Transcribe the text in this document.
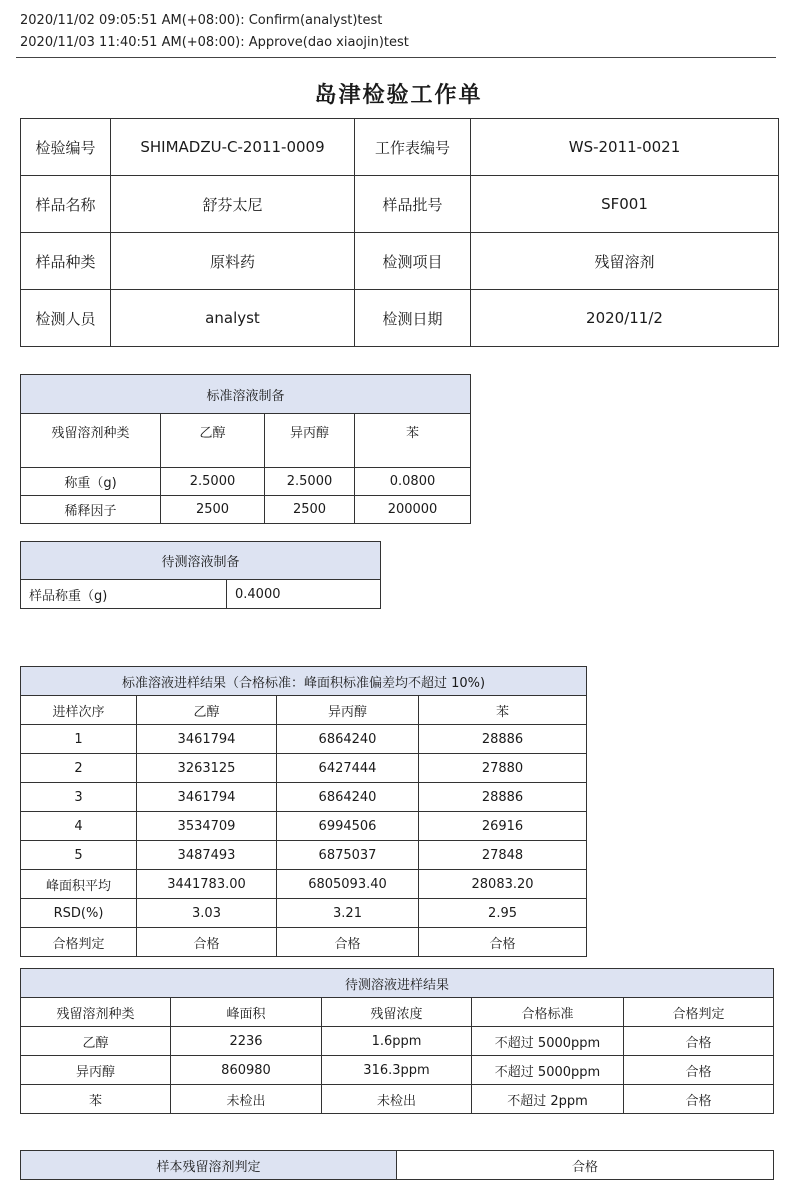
2020/11/02 09:05:51 AM(+08:00): Confirm(analyst)test
2020/11/03 11:40:51 AM(+08:00): Approve(dao xiaojin)test
岛津检验工作单
检验编号	SHIMADZU-C-2011-0009	工作表编号	WS-2011-0021
样品名称	舒芬太尼	样品批号	SF001
样品种类	原料药	检测项目	残留溶剂
检测人员	analyst	检测日期	2020/11/2
标准溶液制备			
残留溶剂种类	乙醇	异丙醇	苯
称重（g)	2.5000	2.5000	0.0800
稀释因子	2500	2500	200000
待测溶液制备
样品称重（g)	0.4000
标准溶液进样结果（合格标准：峰面积标准偏差均不超过 10%)			
进样次序	乙醇	异丙醇	苯
1	3461794	6864240	28886
2	3263125	6427444	27880
3	3461794	6864240	28886
4	3534709	6994506	26916
5	3487493	6875037	27848
峰面积平均	3441783.00	6805093.40	28083.20
RSD(%)	3.03	3.21	2.95
合格判定	合格	合格	合格
待测溶液进样结果				
残留溶剂种类	峰面积	残留浓度	合格标准	合格判定
乙醇	2236	1.6ppm	不超过 5000ppm	合格
异丙醇	860980	316.3ppm	不超过 5000ppm	合格
苯	未检出	未检出	不超过 2ppm	合格
样本残留溶剂判定	合格
